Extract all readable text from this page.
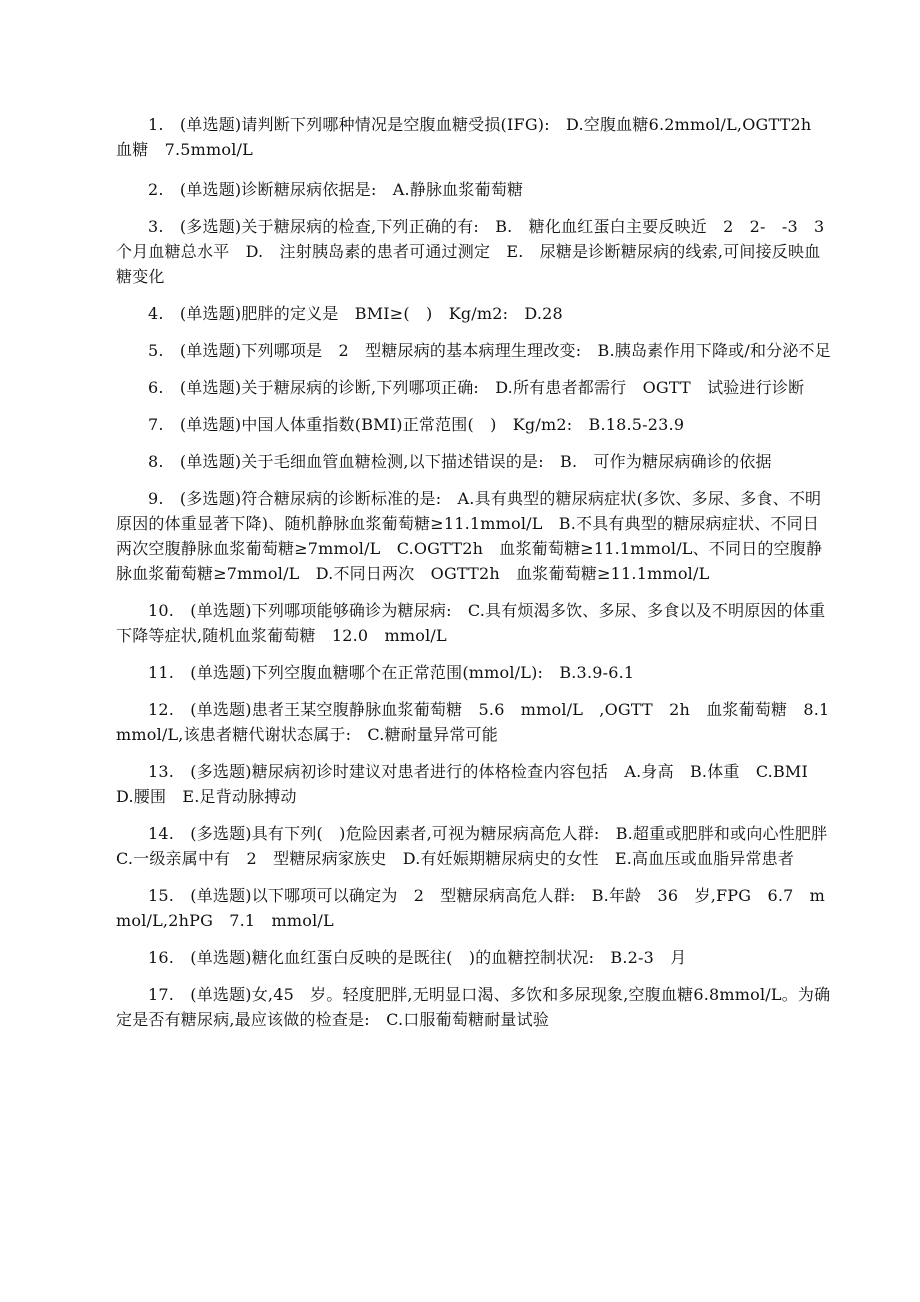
1.　(单选题)请判断下列哪种情况是空腹血糖受损(IFG):　D.空腹血糖6.2mmol/L,OGTT2h　血糖　7.5mmol/L

2.　(单选题)诊断糖尿病依据是:　A.静脉血浆葡萄糖

3.　(多选题)关于糖尿病的检查,下列正确的有:　B.　糖化血红蛋白主要反映近　2　2-　-3　3　个月血糖总水平　D.　注射胰岛素的患者可通过测定　E.　尿糖是诊断糖尿病的线索,可间接反映血糖变化

4.　(单选题)肥胖的定义是　BMI≥(　)　Kg/m2:　D.28

5.　(单选题)下列哪项是　2　型糖尿病的基本病理生理改变:　B.胰岛素作用下降或/和分泌不足

6.　(单选题)关于糖尿病的诊断,下列哪项正确:　D.所有患者都需行　OGTT　试验进行诊断

7.　(单选题)中国人体重指数(BMI)正常范围(　)　Kg/m2:　B.18.5-23.9

8.　(单选题)关于毛细血管血糖检测,以下描述错误的是:　B.　可作为糖尿病确诊的依据

9.　(多选题)符合糖尿病的诊断标准的是:　A.具有典型的糖尿病症状(多饮、多尿、多食、不明原因的体重显著下降)、随机静脉血浆葡萄糖≥11.1mmol/L　B.不具有典型的糖尿病症状、不同日两次空腹静脉血浆葡萄糖≥7mmol/L　C.OGTT2h　血浆葡萄糖≥11.1mmol/L、不同日的空腹静脉血浆葡萄糖≥7mmol/L　D.不同日两次　OGTT2h　血浆葡萄糖≥11.1mmol/L

10.　(单选题)下列哪项能够确诊为糖尿病:　C.具有烦渴多饮、多尿、多食以及不明原因的体重下降等症状,随机血浆葡萄糖　12.0　mmol/L

11.　(单选题)下列空腹血糖哪个在正常范围(mmol/L):　B.3.9-6.1

12.　(单选题)患者王某空腹静脉血浆葡萄糖　5.6　mmol/L　,OGTT　2h　血浆葡萄糖　8.1　mmol/L,该患者糖代谢状态属于:　C.糖耐量异常可能

13.　(多选题)糖尿病初诊时建议对患者进行的体格检查内容包括　A.身高　B.体重　C.BMI　D.腰围　E.足背动脉搏动

14.　(多选题)具有下列(　)危险因素者,可视为糖尿病高危人群:　B.超重或肥胖和或向心性肥胖　C.一级亲属中有　2　型糖尿病家族史　D.有妊娠期糖尿病史的女性　E.高血压或血脂异常患者

15.　(单选题)以下哪项可以确定为　2　型糖尿病高危人群:　B.年龄　36　岁,FPG　6.7　mmol/L,2hPG　7.1　mmol/L

16.　(单选题)糖化血红蛋白反映的是既往(　)的血糖控制状况:　B.2-3　月

17.　(单选题)女,45　岁。轻度肥胖,无明显口渴、多饮和多尿现象,空腹血糖6.8mmol/L。为确定是否有糖尿病,最应该做的检查是:　C.口服葡萄糖耐量试验
